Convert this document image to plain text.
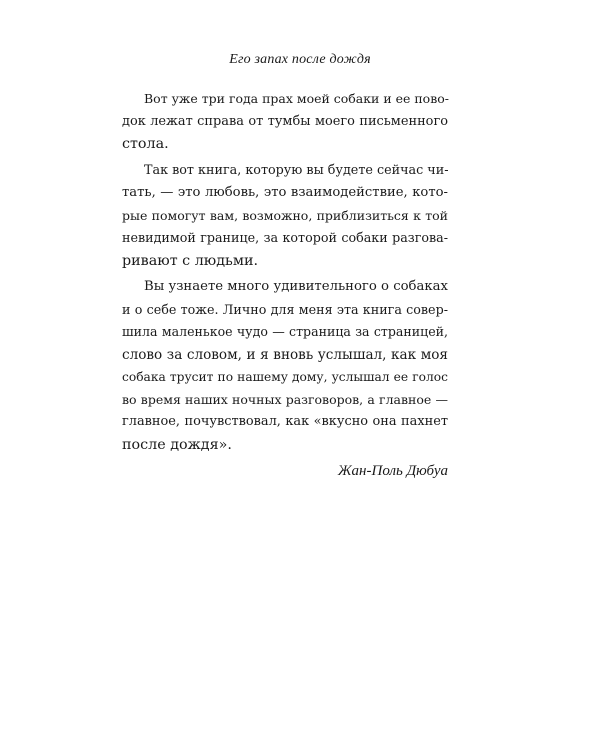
Его запах после дождя
Вот уже три года прах моей собаки и ее пово-
док лежат справа от тумбы моего письменного
стола.
Так вот книга, которую вы будете сейчас чи-
тать, — это любовь, это взаимодействие, кото-
рые помогут вам, возможно, приблизиться к той
невидимой границе, за которой собаки разгова-
ривают с людьми.
Вы узнаете много удивительного о собаках
и о себе тоже. Лично для меня эта книга совер-
шила маленькое чудо — страница за страницей,
слово за словом, и я вновь услышал, как моя
собака трусит по нашему дому, услышал ее голос
во время наших ночных разговоров, а главное —
главное, почувствовал, как «вкусно она пахнет
после дождя».
Жан-Поль Дюбуа
